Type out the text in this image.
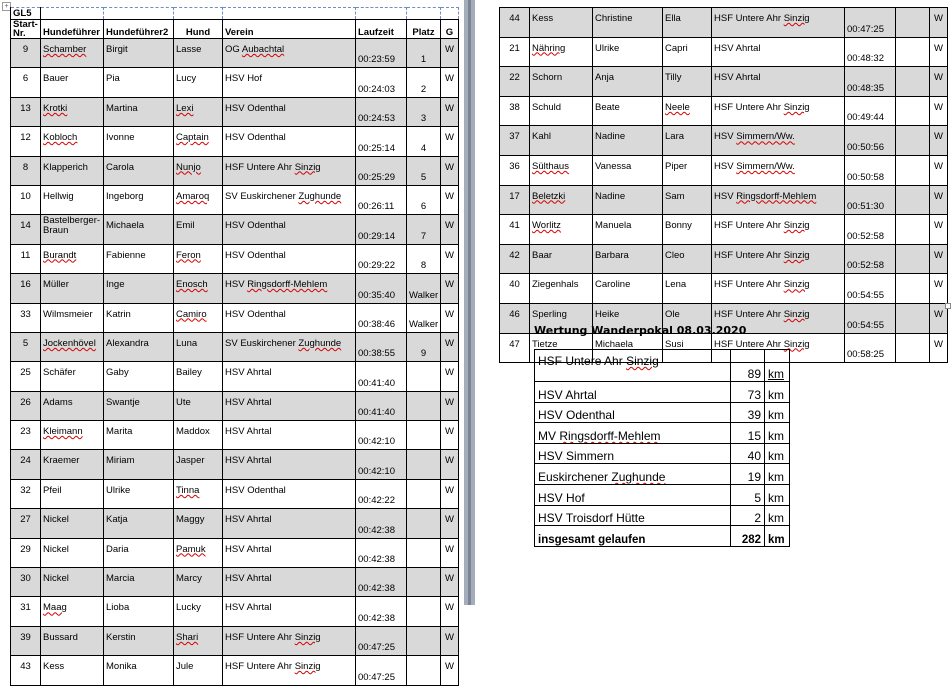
+
GL5							
Start-Nr.	Hundeführer	Hundeführer2	Hund	Verein	Laufzeit	Platz	G
9	Schamber	Birgit	Lasse	OG Aubachtal	00:23:59	1	W
6	Bauer	Pia	Lucy	HSV Hof	00:24:03	2	W
13	Krotki	Martina	Lexi	HSV Odenthal	00:24:53	3	W
12	Kobloch	Ivonne	Captain	HSV Odenthal	00:25:14	4	W
8	Klapperich	Carola	Nunjo	HSF Untere Ahr Sinzig	00:25:29	5	W
10	Hellwig	Ingeborg	Amaroq	SV Euskirchener Zughunde	00:26:11	6	W
14	Bastelberger-Braun	Michaela	Emil	HSV Odenthal	00:29:14	7	W
11	Burandt	Fabienne	Feron	HSV Odenthal	00:29:22	8	W
16	Müller	Inge	Enosch	HSV Ringsdorff-Mehlem	00:35:40	Walker	W
33	Wilmsmeier	Katrin	Camiro	HSV Odenthal	00:38:46	Walker	W
5	Jockenhövel	Alexandra	Luna	SV Euskirchener Zughunde	00:38:55	9	W
25	Schäfer	Gaby	Bailey	HSV Ahrtal	00:41:40		W
26	Adams	Swantje	Ute	HSV Ahrtal	00:41:40		W
23	Kleimann	Marita	Maddox	HSV Ahrtal	00:42:10		W
24	Kraemer	Miriam	Jasper	HSV Ahrtal	00:42:10		W
32	Pfeil	Ulrike	Tinna	HSV Odenthal	00:42:22		W
27	Nickel	Katja	Maggy	HSV Ahrtal	00:42:38		W
29	Nickel	Daria	Pamuk	HSV Ahrtal	00:42:38		W
30	Nickel	Marcia	Marcy	HSV Ahrtal	00:42:38		W
31	Maag	Lioba	Lucky	HSV Ahrtal	00:42:38		W
39	Bussard	Kerstin	Shari	HSF Untere Ahr Sinzig	00:47:25		W
43	Kess	Monika	Jule	HSF Untere Ahr Sinzig	00:47:25		W
44	Kess	Christine	Ella	HSF Untere Ahr Sinzig	00:47:25		W
21	Nähring	Ulrike	Capri	HSV Ahrtal	00:48:32		W
22	Schorn	Anja	Tilly	HSV Ahrtal	00:48:35		W
38	Schuld	Beate	Neele	HSF Untere Ahr Sinzig	00:49:44		W
37	Kahl	Nadine	Lara	HSV Simmern/Ww.	00:50:56		W
36	Sülthaus	Vanessa	Piper	HSV Simmern/Ww.	00:50:58		W
17	Beletzki	Nadine	Sam	HSV Ringsdorff-Mehlem	00:51:30		W
41	Worlitz	Manuela	Bonny	HSF Untere Ahr Sinzig	00:52:58		W
42	Baar	Barbara	Cleo	HSF Untere Ahr Sinzig	00:52:58		W
40	Ziegenhals	Caroline	Lena	HSF Untere Ahr Sinzig	00:54:55		W
46	Sperling	Heike	Ole	HSF Untere Ahr Sinzig	00:54:55		W
47	Tietze	Michaela	Susi	HSF Untere Ahr Sinzig	00:58:25		W
Wertung Wanderpokal 08.03.2020
HSF Untere Ahr Sinzig	89	km
HSV Ahrtal	73	km
HSV Odenthal	39	km
MV Ringsdorff-Mehlem	15	km
HSV Simmern	40	km
Euskirchener Zughunde	19	km
HSV Hof	5	km
HSV Troisdorf Hütte	2	km
insgesamt gelaufen	282	km
